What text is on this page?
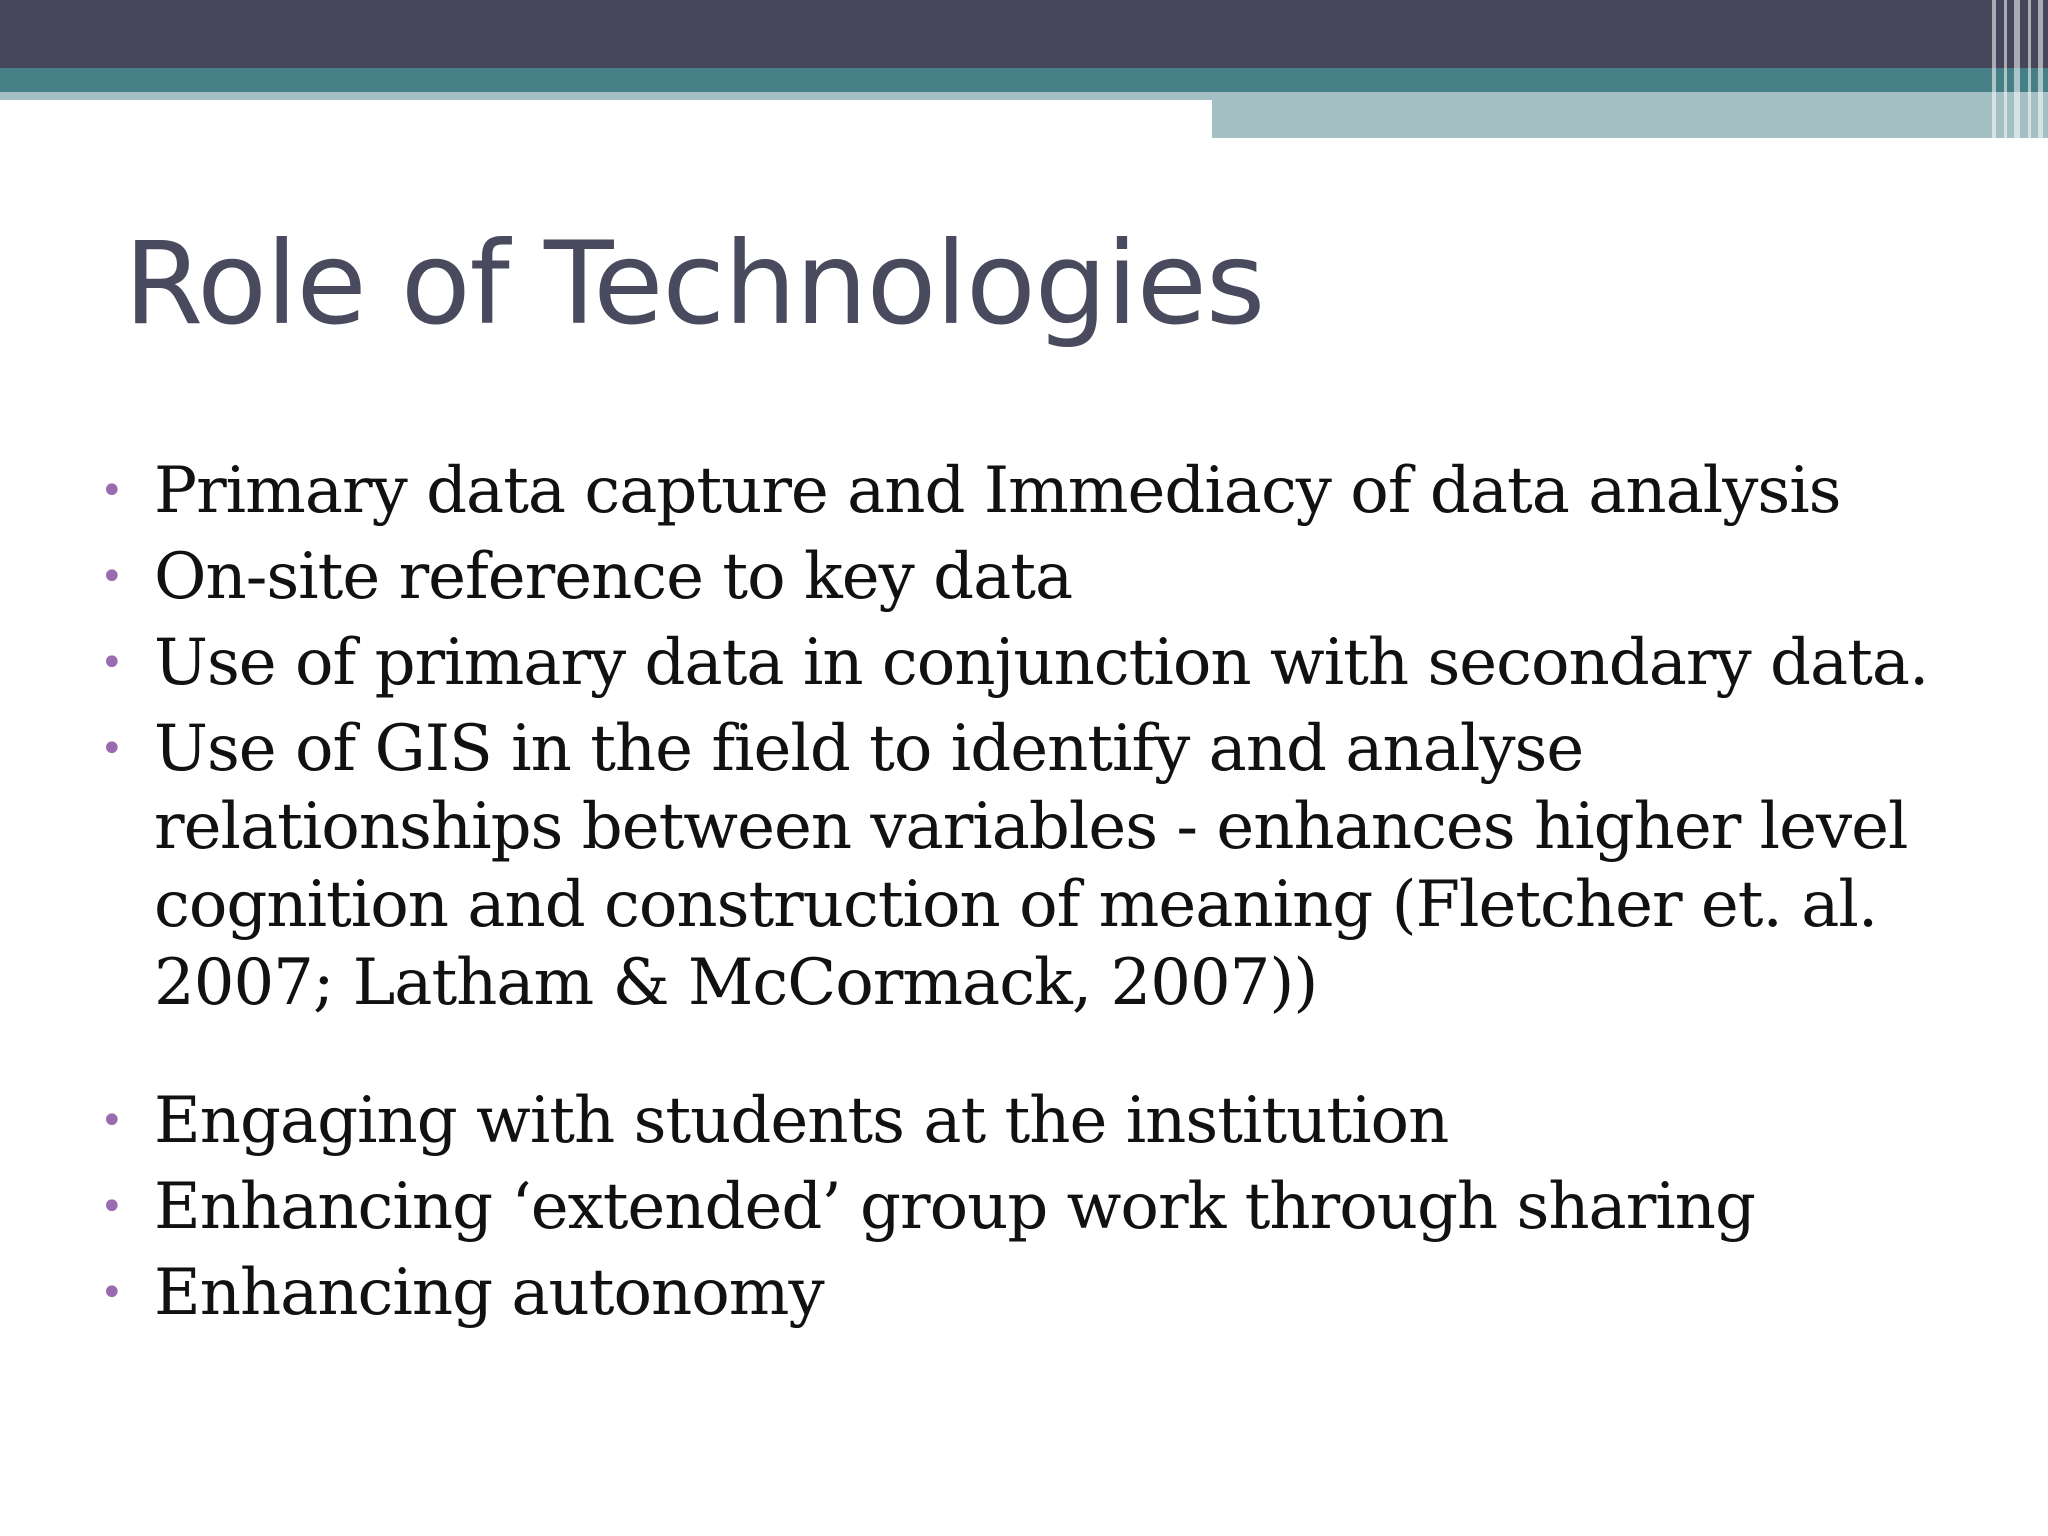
Role of Technologies
• Primary data capture and Immediacy of data analysis
• On-site reference to key data
• Use of primary data in conjunction with secondary data.
• Use of GIS in the field to identify and analyse relationships between variables - enhances higher level cognition and construction of meaning (Fletcher et. al. 2007; Latham & McCormack, 2007))
• Engaging with students at the institution
• Enhancing ‘extended’ group work through sharing
• Enhancing autonomy
